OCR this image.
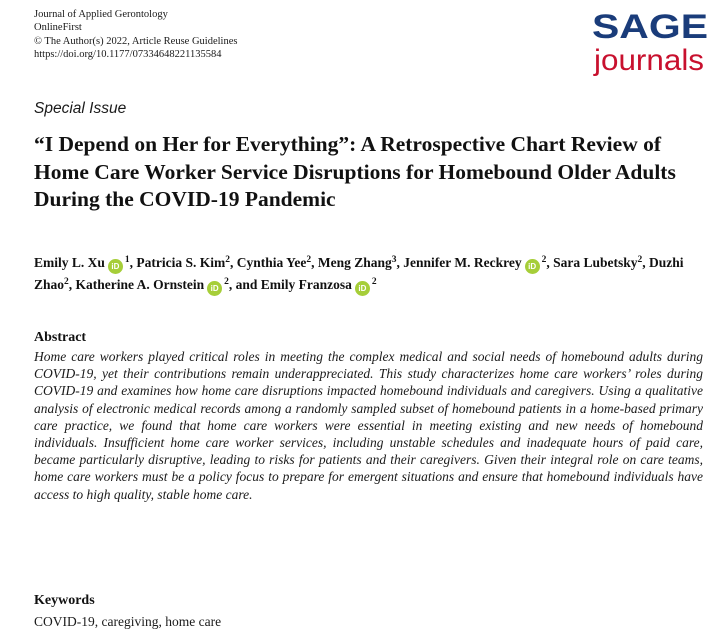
Journal of Applied Gerontology
OnlineFirst
© The Author(s) 2022, Article Reuse Guidelines
https://doi.org/10.1177/07334648221135584
SAGE
journals
Special Issue
“I Depend on Her for Everything”: A Retrospective Chart Review of Home Care Worker Service Disruptions for Homebound Older Adults During the COVID-19 Pandemic
Emily L. Xu $iD^1$, Patricia S. Kim$^2$, Cynthia Yee$^2$, Meng Zhang$^3$, Jennifer M. Reckrey $iD^2$, Sara Lubetsky$^2$, Duzhi Zhao$^2$, Katherine A. Ornstein $iD^2$, and Emily Franzosa $iD^2$
Abstract

Home care workers played critical roles in meeting the complex medical and social needs of homebound adults during COVID-19, yet their contributions remain underappreciated. This study characterizes home care workers’ roles during COVID-19 and examines how home care disruptions impacted homebound individuals and caregivers. Using a qualitative analysis of electronic medical records among a randomly sampled subset of homebound patients in a home-based primary care practice, we found that home care workers were essential in meeting existing and new needs of homebound individuals. Insufficient home care worker services, including unstable schedules and inadequate hours of paid care, became particularly disruptive, leading to risks for patients and their caregivers. Given their integral role on care teams, home care workers must be a policy focus to prepare for emergent situations and ensure that homebound individuals have access to high quality, stable home care.

Keywords
COVID-19, caregiving, home care
